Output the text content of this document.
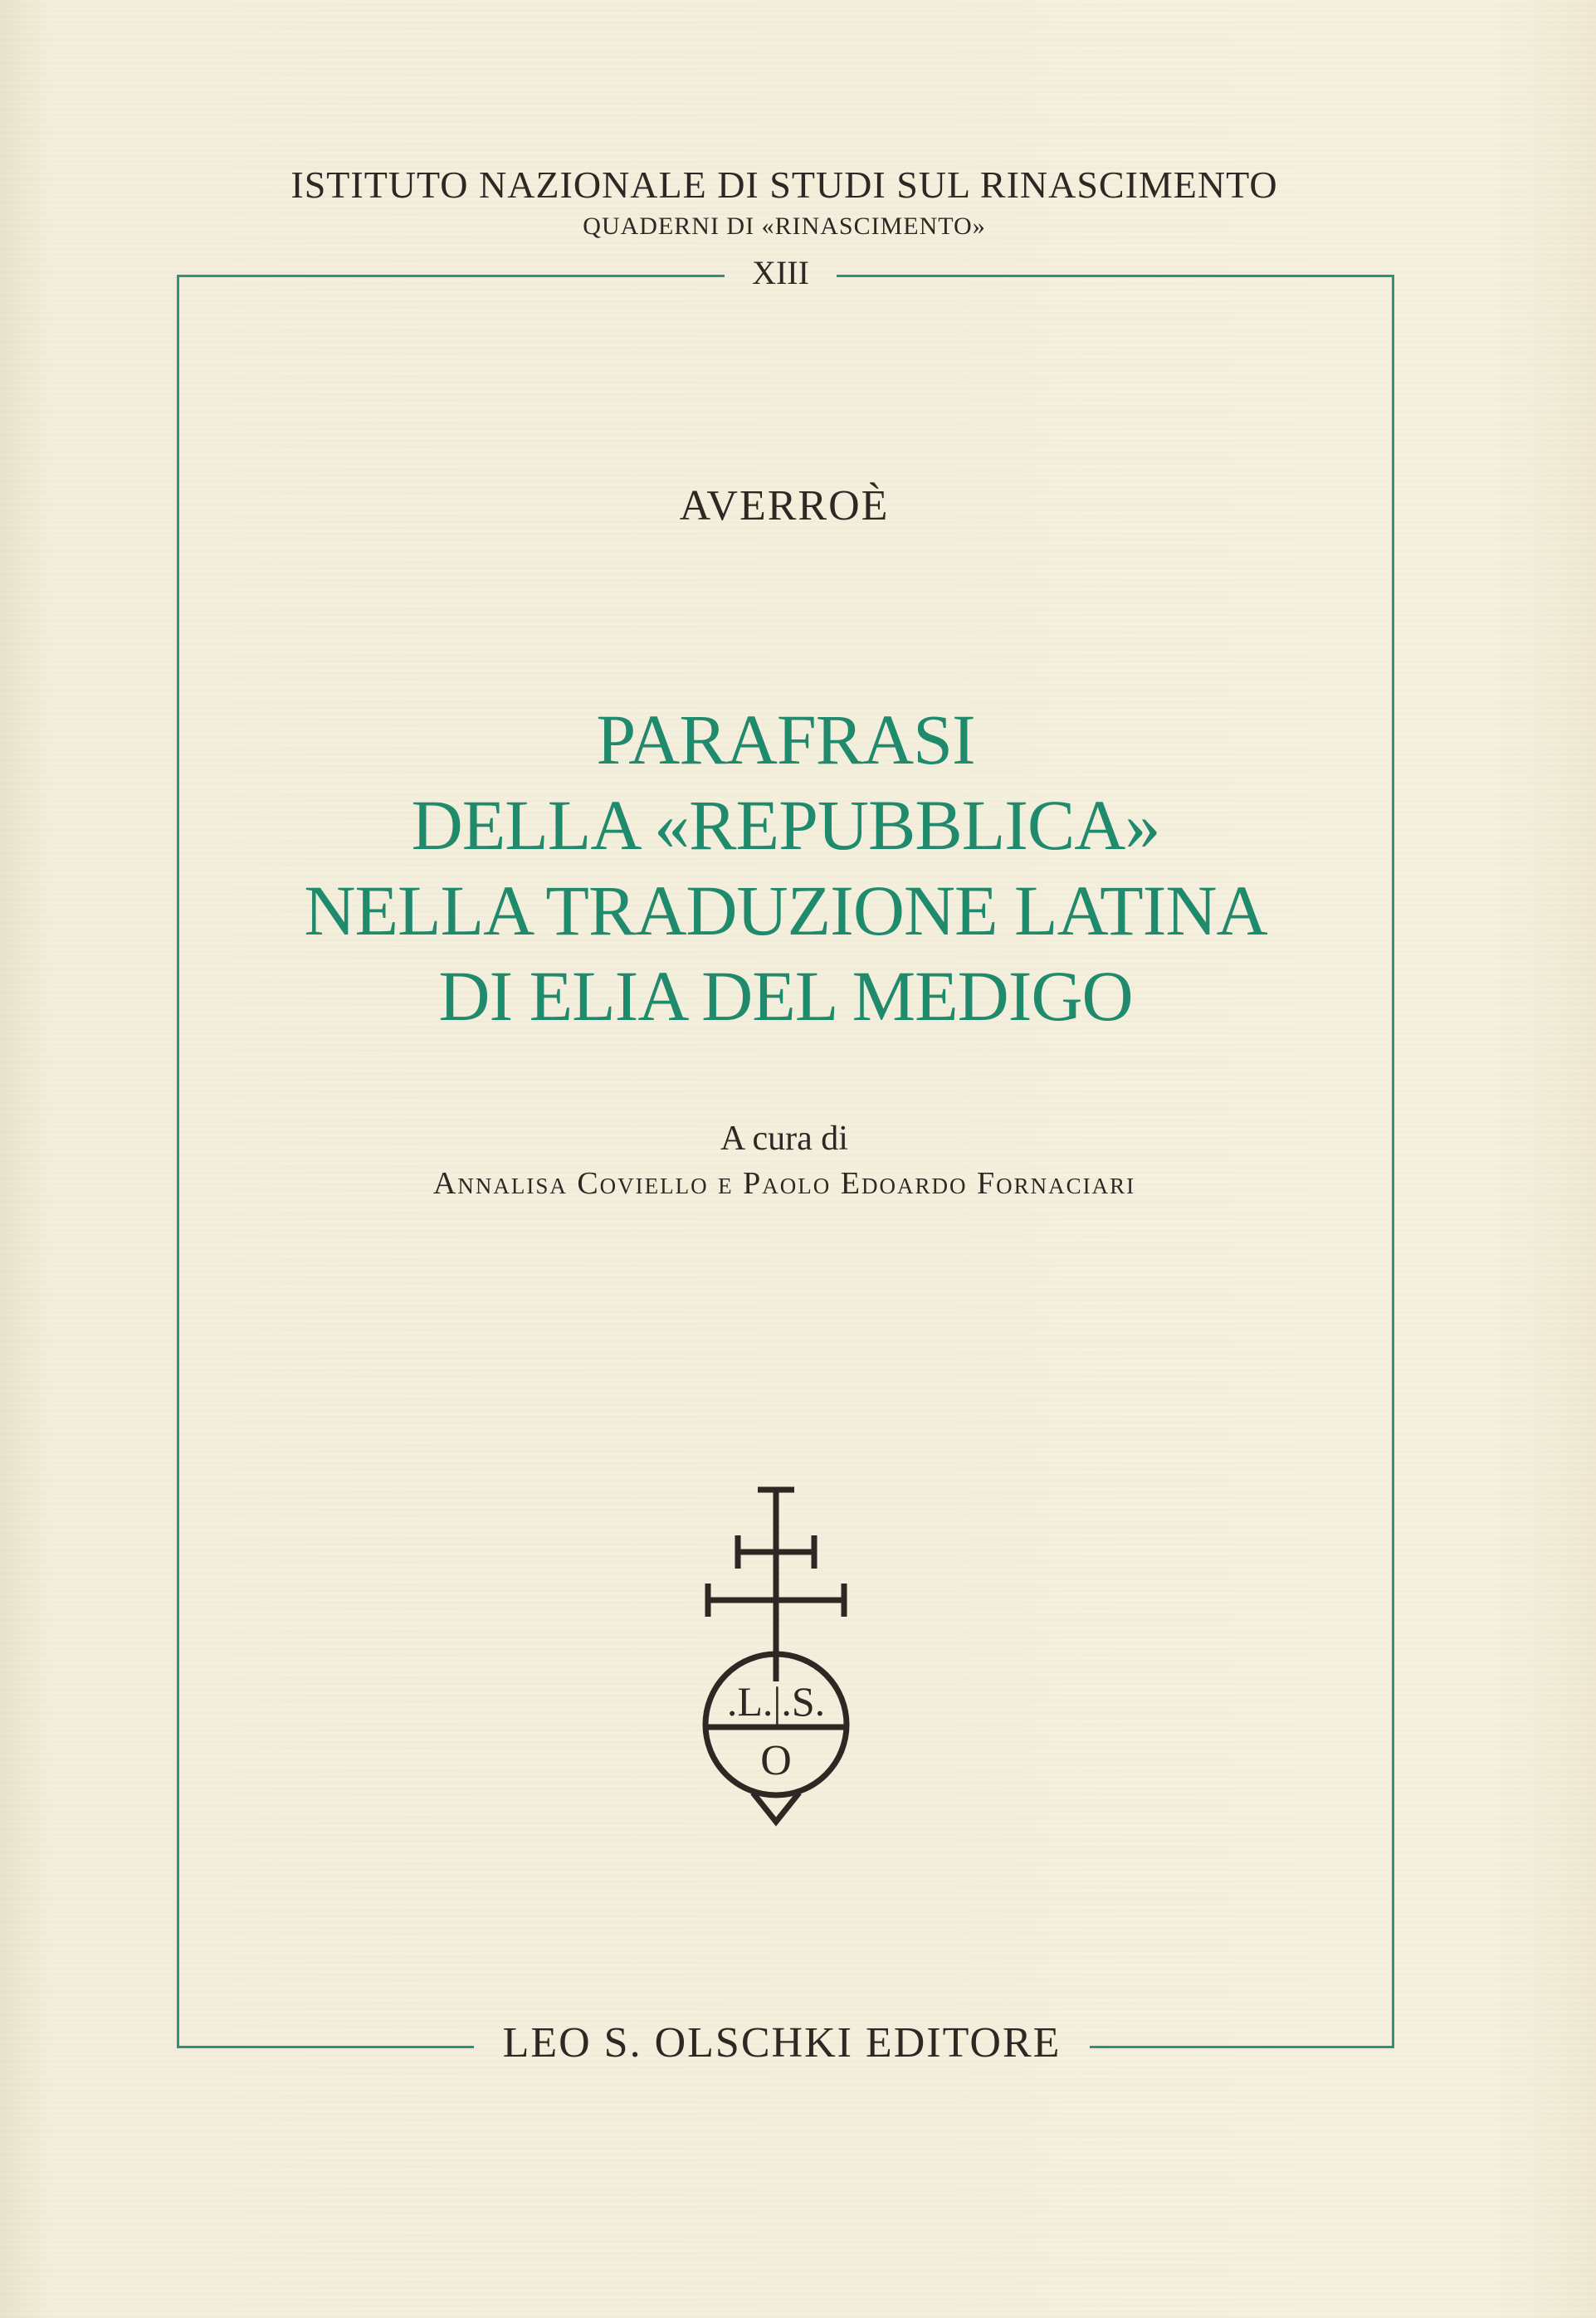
ISTITUTO NAZIONALE DI STUDI SUL RINASCIMENTO
QUADERNI DI «RINASCIMENTO»
XIII
AVERROÈ
PARAFRASI
DELLA «REPUBBLICA»
NELLA TRADUZIONE LATINA
DI ELIA DEL MEDIGO
A cura di
Annalisa Coviello e Paolo Edoardo Fornaciari
.L.|.S.
O
LEO S. OLSCHKI EDITORE
